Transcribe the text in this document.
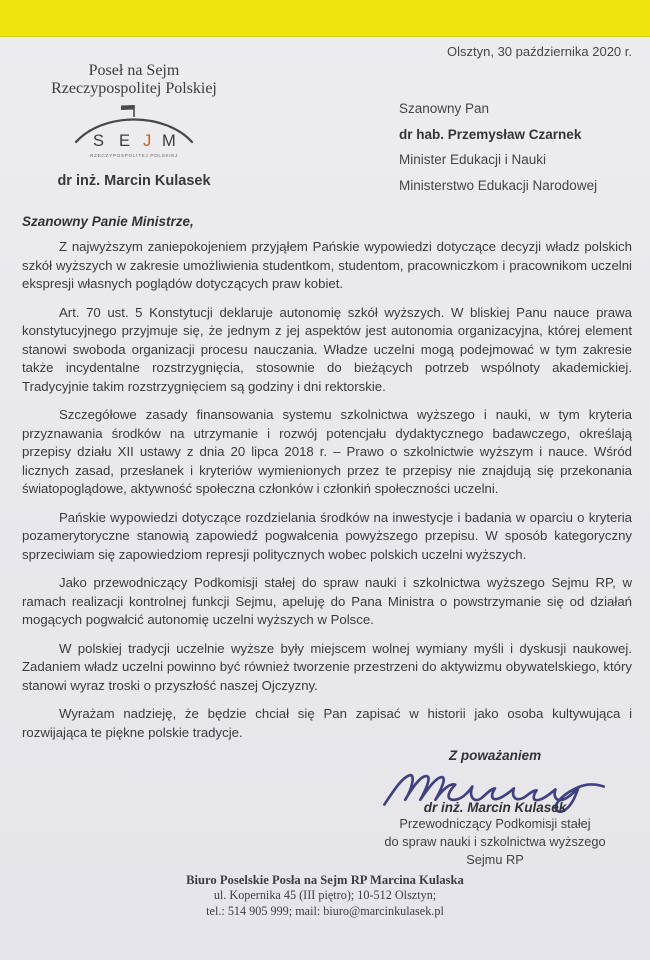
Olsztyn, 30 października 2020 r.
Poseł na Sejm
Rzeczypospolitej Polskiej
S E J M
RZECZYPOSPOLITEJ POLSKIEJ
dr inż. Marcin Kulasek
Szanowny Pan
dr hab. Przemysław Czarnek
Minister Edukacji i Nauki
Ministerstwo Edukacji Narodowej
Szanowny Panie Ministrze,

Z najwyższym zaniepokojeniem przyjąłem Pańskie wypowiedzi dotyczące decyzji władz polskich szkół wyższych w zakresie umożliwienia studentkom, studentom, pracowniczkom i pracownikom uczelni ekspresji własnych poglądów dotyczących praw kobiet.

Art. 70 ust. 5 Konstytucji deklaruje autonomię szkół wyższych. W bliskiej Panu nauce prawa konstytucyjnego przyjmuje się, że jednym z jej aspektów jest autonomia organizacyjna, której element stanowi swoboda organizacji procesu nauczania. Władze uczelni mogą podejmować w tym zakresie także incydentalne rozstrzygnięcia, stosownie do bieżących potrzeb wspólnoty akademickiej. Tradycyjnie takim rozstrzygnięciem są godziny i dni rektorskie.

Szczegółowe zasady finansowania systemu szkolnictwa wyższego i nauki, w tym kryteria przyznawania środków na utrzymanie i rozwój potencjału dydaktycznego badawczego, określają przepisy działu XII ustawy z dnia 20 lipca 2018 r. – Prawo o szkolnictwie wyższym i nauce. Wśród licznych zasad, przesłanek i kryteriów wymienionych przez te przepisy nie znajdują się przekonania światopoglądowe, aktywność społeczna członków i członkiń społeczności uczelni.

Pańskie wypowiedzi dotyczące rozdzielania środków na inwestycje i badania w oparciu o kryteria pozamerytoryczne stanowią zapowiedź pogwałcenia powyższego przepisu. W sposób kategoryczny sprzeciwiam się zapowiedziom represji politycznych wobec polskich uczelni wyższych.

Jako przewodniczący Podkomisji stałej do spraw nauki i szkolnictwa wyższego Sejmu RP, w ramach realizacji kontrolnej funkcji Sejmu, apeluję do Pana Ministra o powstrzymanie się od działań mogących pogwałcić autonomię uczelni wyższych w Polsce.

W polskiej tradycji uczelnie wyższe były miejscem wolnej wymiany myśli i dyskusji naukowej. Zadaniem władz uczelni powinno być również tworzenie przestrzeni do aktywizmu obywatelskiego, który stanowi wyraz troski o przyszłość naszej Ojczyzny.

Wyrażam nadzieję, że będzie chciał się Pan zapisać w historii jako osoba kultywująca i rozwijająca te piękne polskie tradycje.

Z poważaniem
dr inż. Marcin Kulasek
Przewodniczący Podkomisji stałej
do spraw nauki i szkolnictwa wyższego Sejmu RP
Biuro Poselskie Posła na Sejm RP Marcina Kulaska
ul. Kopernika 45 (III piętro); 10-512 Olsztyn;
tel.: 514 905 999; mail: biuro@marcinkulasek.pl
